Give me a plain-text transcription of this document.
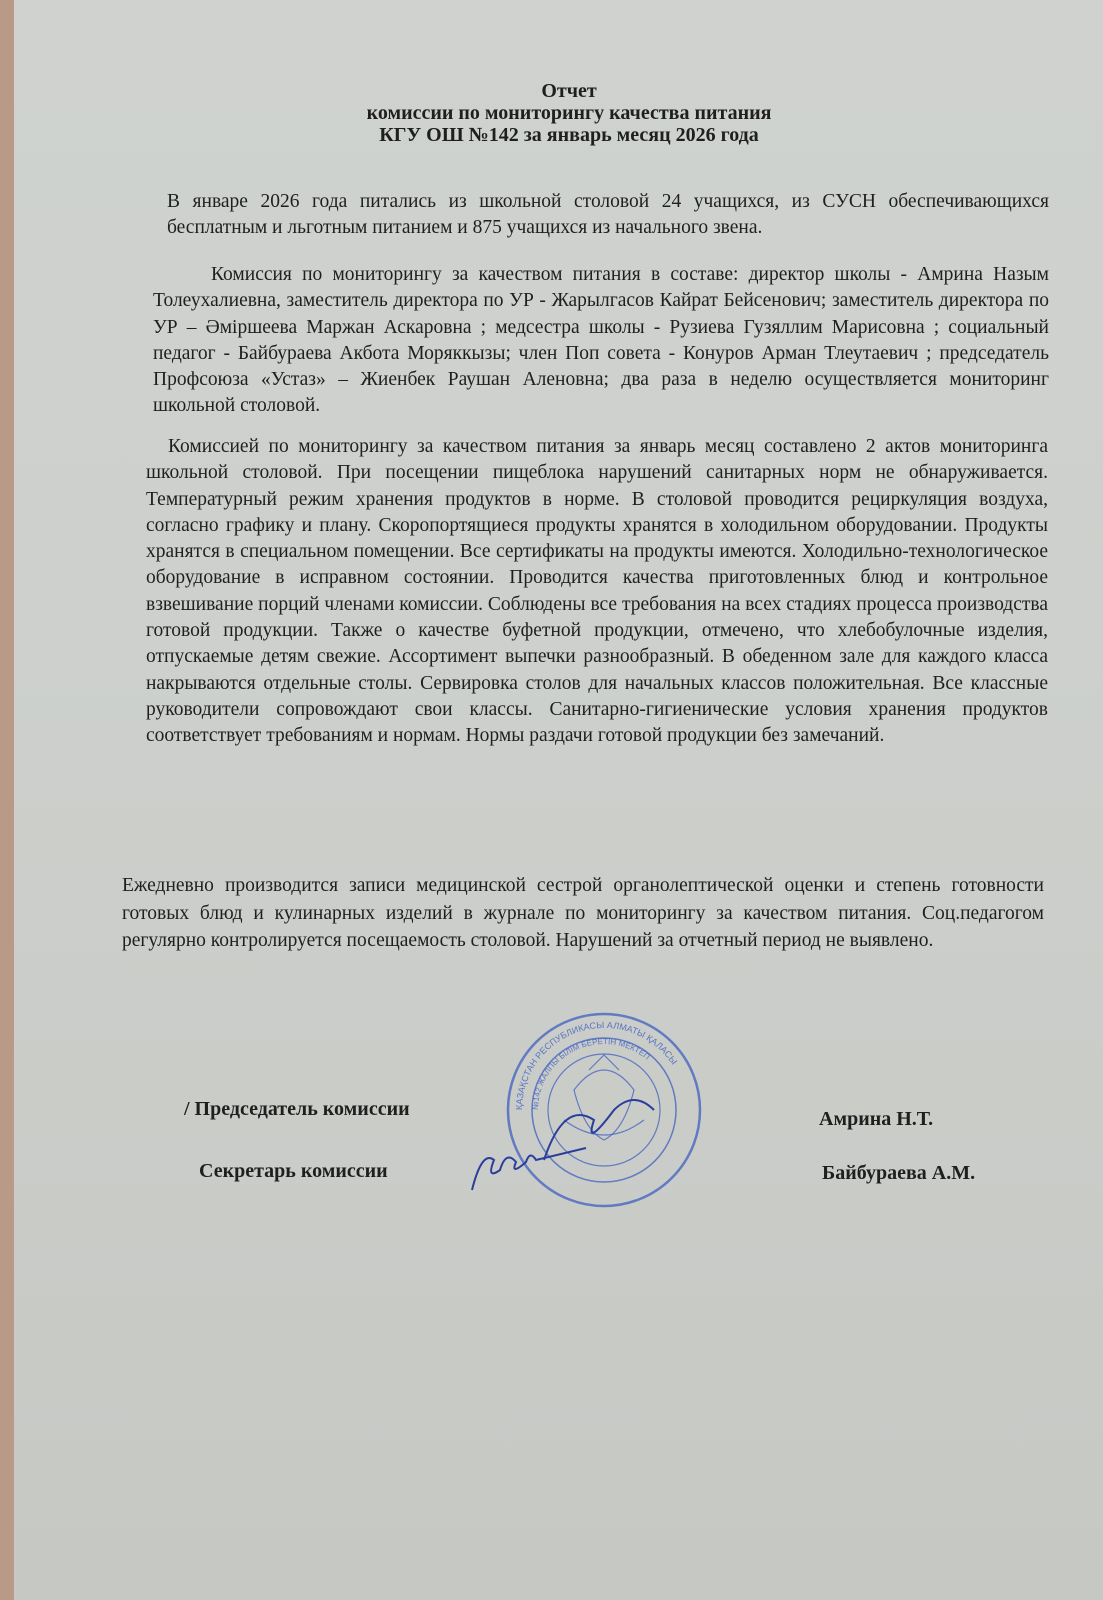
Отчет
комиссии по мониторингу качества питания
КГУ ОШ №142 за январь месяц 2026 года
В январе 2026 года питались из школьной столовой 24 учащихся, из СУСН обеспечивающихся бесплатным и льготным питанием и 875 учащихся из начального звена.
Комиссия по мониторингу за качеством питания в составе: директор школы - Амрина Назым Толеухалиевна, заместитель директора по УР - Жарылгасов Кайрат Бейсенович; заместитель директора по УР – Әміршеева Маржан Аскаровна ; медсестра школы - Рузиева Гузяллим Марисовна ; социальный педагог - Байбураева Акбота Моряккызы; член Поп совета - Конуров Арман Тлеутаевич ; председатель Профсоюза «Устаз» – Жиенбек Раушан Аленовна; два раза в неделю осуществляется мониторинг школьной столовой.
Комиссией по мониторингу за качеством питания за январь месяц составлено 2 актов мониторинга школьной столовой. При посещении пищеблока нарушений санитарных норм не обнаруживается. Температурный режим хранения продуктов в норме. В столовой проводится рециркуляция воздуха, согласно графику и плану. Скоропортящиеся продукты хранятся в холодильном оборудовании. Продукты хранятся в специальном помещении. Все сертификаты на продукты имеются. Холодильно-технологическое оборудование в исправном состоянии. Проводится качества приготовленных блюд и контрольное взвешивание порций членами комиссии. Соблюдены все требования на всех стадиях процесса производства готовой продукции. Также о качестве буфетной продукции, отмечено, что хлебобулочные изделия, отпускаемые детям свежие. Ассортимент выпечки разнообразный. В обеденном зале для каждого класса накрываются отдельные столы. Сервировка столов для начальных классов положительная. Все классные руководители сопровождают свои классы. Санитарно-гигиенические условия хранения продуктов соответствует требованиям и нормам. Нормы раздачи готовой продукции без замечаний.
Ежедневно производится записи медицинской сестрой органолептической оценки и степень готовности готовых блюд и кулинарных изделий в журнале по мониторингу за качеством питания. Соц.педагогом регулярно контролируется посещаемость столовой. Нарушений за отчетный период не выявлено.
ҚАЗАҚСТАН РЕСПУБЛИКАСЫ АЛМАТЫ ҚАЛАСЫ
№142 ЖАЛПЫ БІЛІМ БЕРЕТІН МЕКТЕП
/ Председатель комиссии	Амрина Н.Т.
Секретарь комиссии	Байбураева А.М.
